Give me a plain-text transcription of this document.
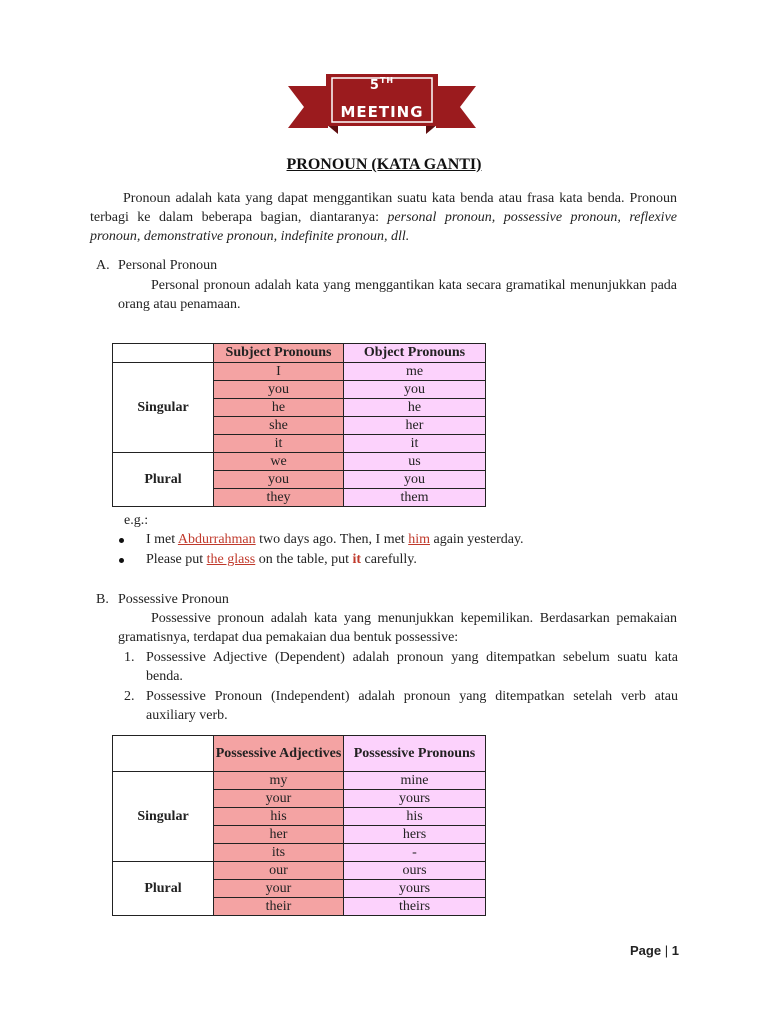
5TH
MEETING
PRONOUN (KATA GANTI)
Pronoun adalah kata yang dapat menggantikan suatu kata benda atau frasa kata benda. Pronoun terbagi ke dalam beberapa bagian, diantaranya: personal pronoun, possessive pronoun, reflexive pronoun, demonstrative pronoun, indefinite pronoun, dll.
A. Personal Pronoun
Personal pronoun adalah kata yang menggantikan kata secara gramatikal menunjukkan pada orang atau penamaan.
	Subject Pronouns	Object Pronouns
Singular	I	me
	you	you
	he	he
	she	her
	it	it
Plural	we	us
	you	you
	they	them
e.g.:
I met Abdurrahman two days ago. Then, I met him again yesterday.
Please put the glass on the table, put it carefully.
B. Possessive Pronoun
Possessive pronoun adalah kata yang menunjukkan kepemilikan. Berdasarkan pemakaian gramatisnya, terdapat dua pemakaian dua bentuk possessive:
1. Possessive Adjective (Dependent) adalah pronoun yang ditempatkan sebelum suatu kata benda.
2. Possessive Pronoun (Independent) adalah pronoun yang ditempatkan setelah verb atau auxiliary verb.
	Possessive Adjectives	Possessive Pronouns
Singular	my	mine
	your	yours
	his	his
	her	hers
	its	-
Plural	our	ours
	your	yours
	their	theirs
Page | 1
